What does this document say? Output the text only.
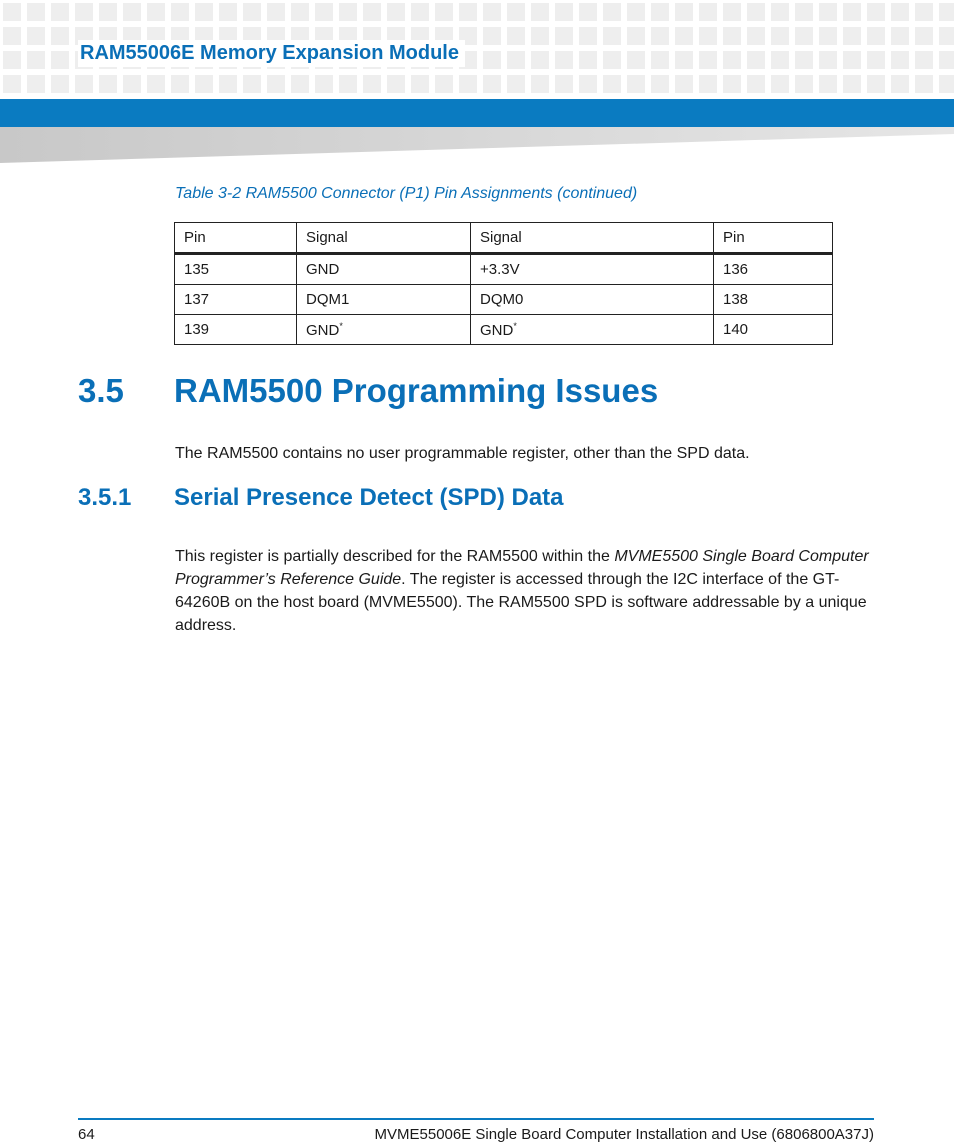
RAM55006E Memory Expansion Module
Table 3-2 RAM5500 Connector (P1) Pin Assignments (continued)
Pin	Signal	Signal	Pin
135	GND	+3.3V	136
137	DQM1	DQM0	138
139	GND*	GND*	140
3.5 RAM5500 Programming Issues

The RAM5500 contains no user programmable register, other than the SPD data.

3.5.1 Serial Presence Detect (SPD) Data

This register is partially described for the RAM5500 within the MVME5500 Single Board Computer Programmer’s Reference Guide. The register is accessed through the I2C interface of the GT-64260B on the host board (MVME5500). The RAM5500 SPD is software addressable by a unique address.

64	MVME55006E Single Board Computer Installation and Use (6806800A37J)
